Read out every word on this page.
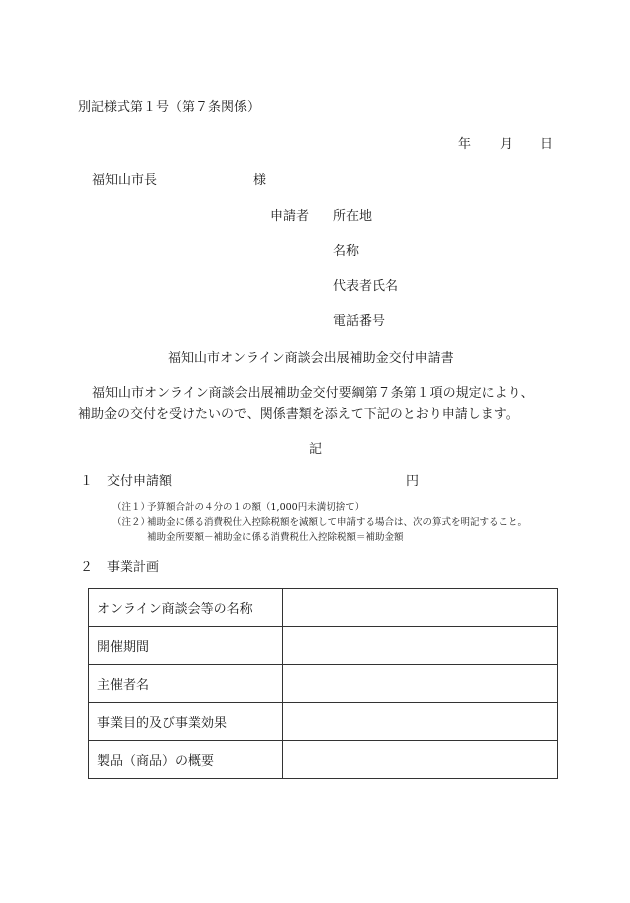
別記様式第１号（第７条関係）
年 月 日
福知山市長	様
申請者 所在地
名称
代表者氏名
電話番号
福知山市オンライン商談会出展補助金交付申請書
福知山市オンライン商談会出展補助金交付要綱第７条第１項の規定により、
補助金の交付を受けたいので、関係書類を添えて下記のとおり申請します。
記
１ 交付申請額	円
（注１）
予算額合計の４分の１の額（1,000円未満切捨て）
（注２）
補助金に係る消費税仕入控除税額を減額して申請する場合は、次の算式を明記すること。
補助金所要額－補助金に係る消費税仕入控除税額＝補助金額
２ 事業計画
オンライン商談会等の名称	
開催期間	
主催者名	
事業目的及び事業効果	
製品（商品）の概要	
